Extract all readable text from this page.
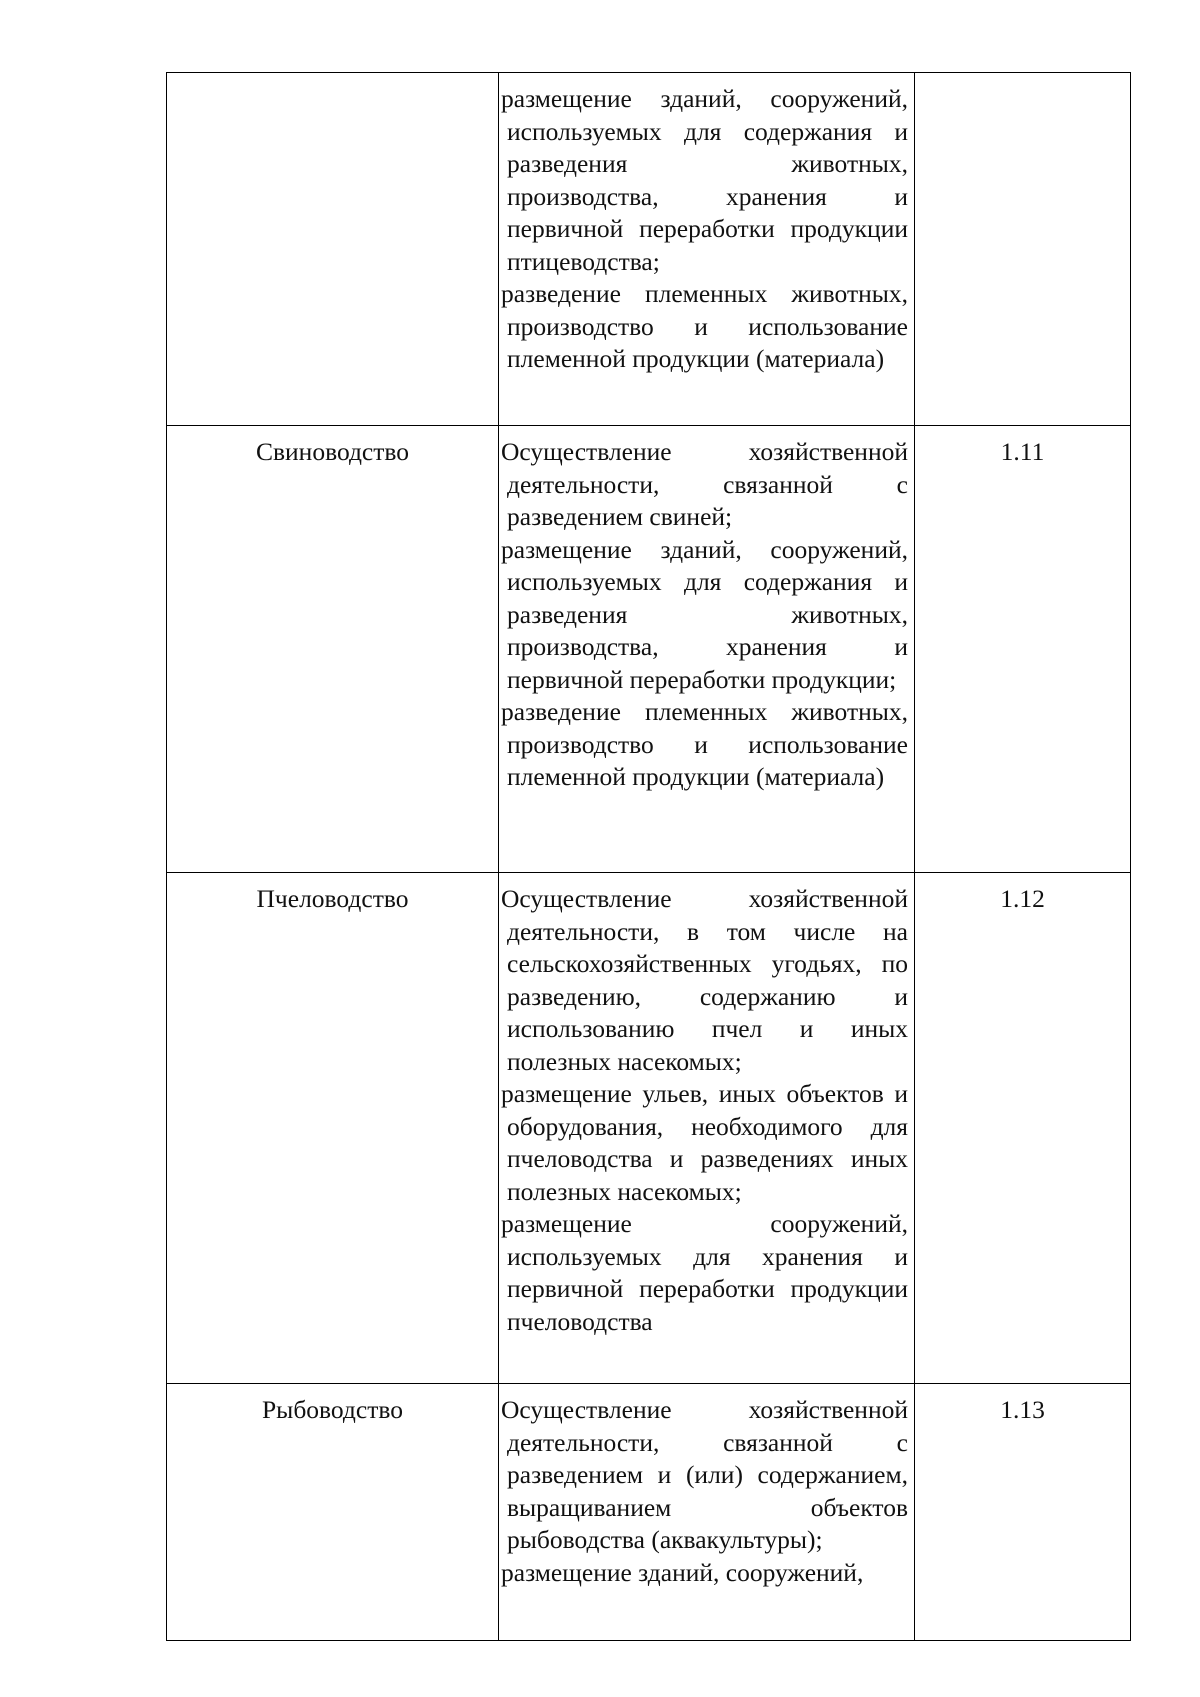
	размещение зданий, сооружений, используемых для содержания и разведения животных, производства, хранения и первичной переработки продукции птицеводства;

разведение племенных животных, производство и использование племенной продукции (материала)	

Свиноводство	Осуществление хозяйственной деятельности, связанной с разведением свиней;

размещение зданий, сооружений, используемых для содержания и разведения животных, производства, хранения и первичной переработки продукции;

разведение племенных животных, производство и использование племенной продукции (материала)	1.11
Пчеловодство	Осуществление хозяйственной деятельности, в том числе на сельскохозяйственных угодьях, по разведению, содержанию и использованию пчел и иных полезных насекомых;

размещение ульев, иных объектов и оборудования, необходимого для пчеловодства и разведениях иных полезных насекомых;

размещение сооружений, используемых для хранения и первичной переработки продукции пчеловодства	1.12
Рыбоводство	Осуществление хозяйственной деятельности, связанной с разведением и (или) содержанием, выращиванием объектов рыбоводства (аквакультуры);

размещение зданий, сооружений,	1.13
